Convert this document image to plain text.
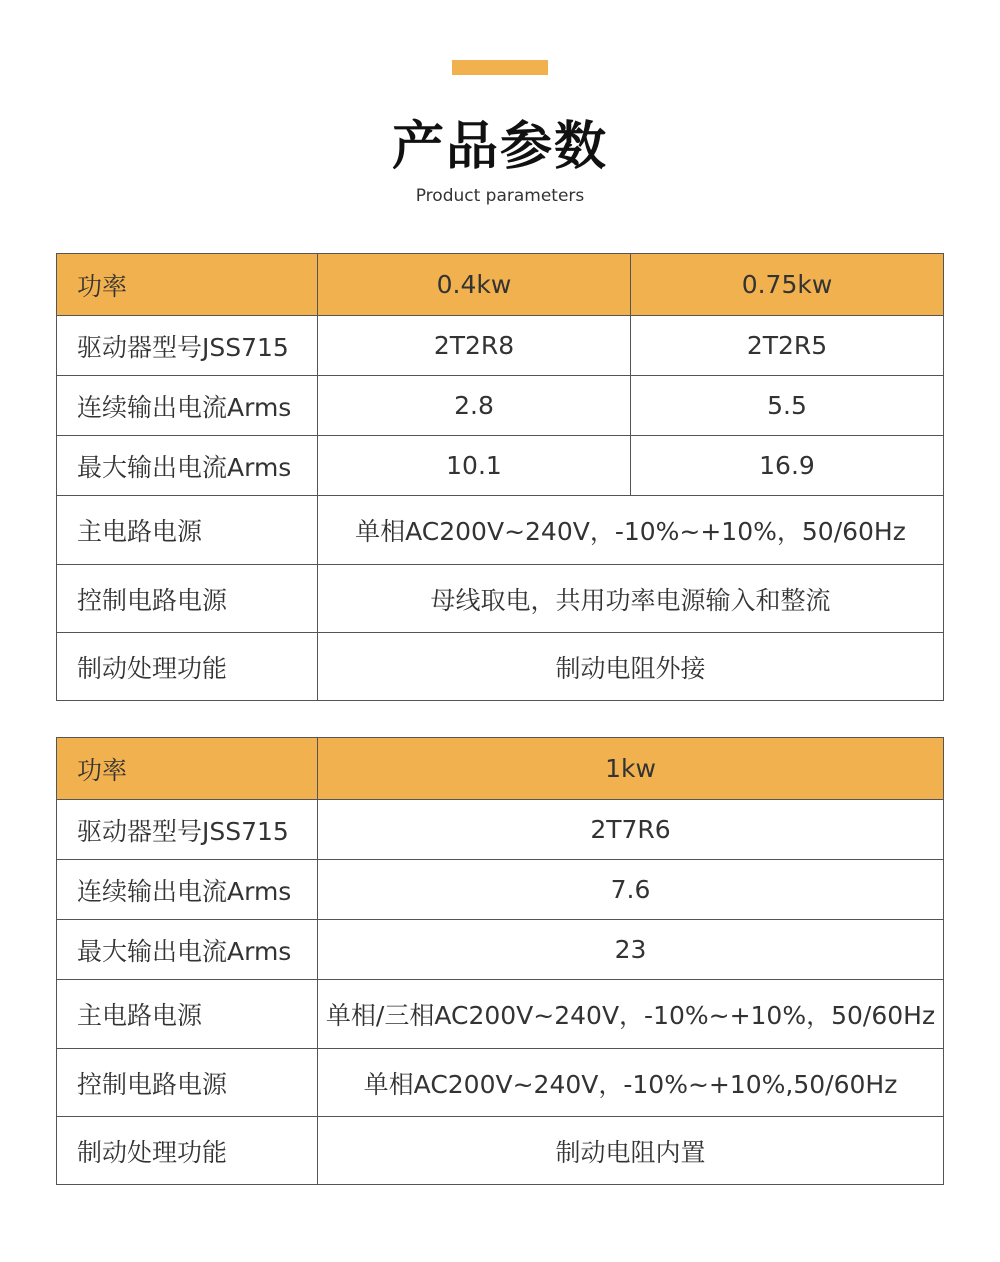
产品参数
Product parameters
功率	0.4kw	0.75kw
驱动器型号JSS715	2T2R8	2T2R5
连续输出电流Arms	2.8	5.5
最大输出电流Arms	10.1	16.9
主电路电源	单相AC200V~240V，-10%~+10%，50/60Hz	
控制电路电源	母线取电，共用功率电源输入和整流	
制动处理功能	制动电阻外接	
功率	1kw
驱动器型号JSS715	2T7R6
连续输出电流Arms	7.6
最大输出电流Arms	23
主电路电源	单相/三相AC200V~240V，-10%~+10%，50/60Hz
控制电路电源	单相AC200V~240V，-10%~+10%,50/60Hz
制动处理功能	制动电阻内置
